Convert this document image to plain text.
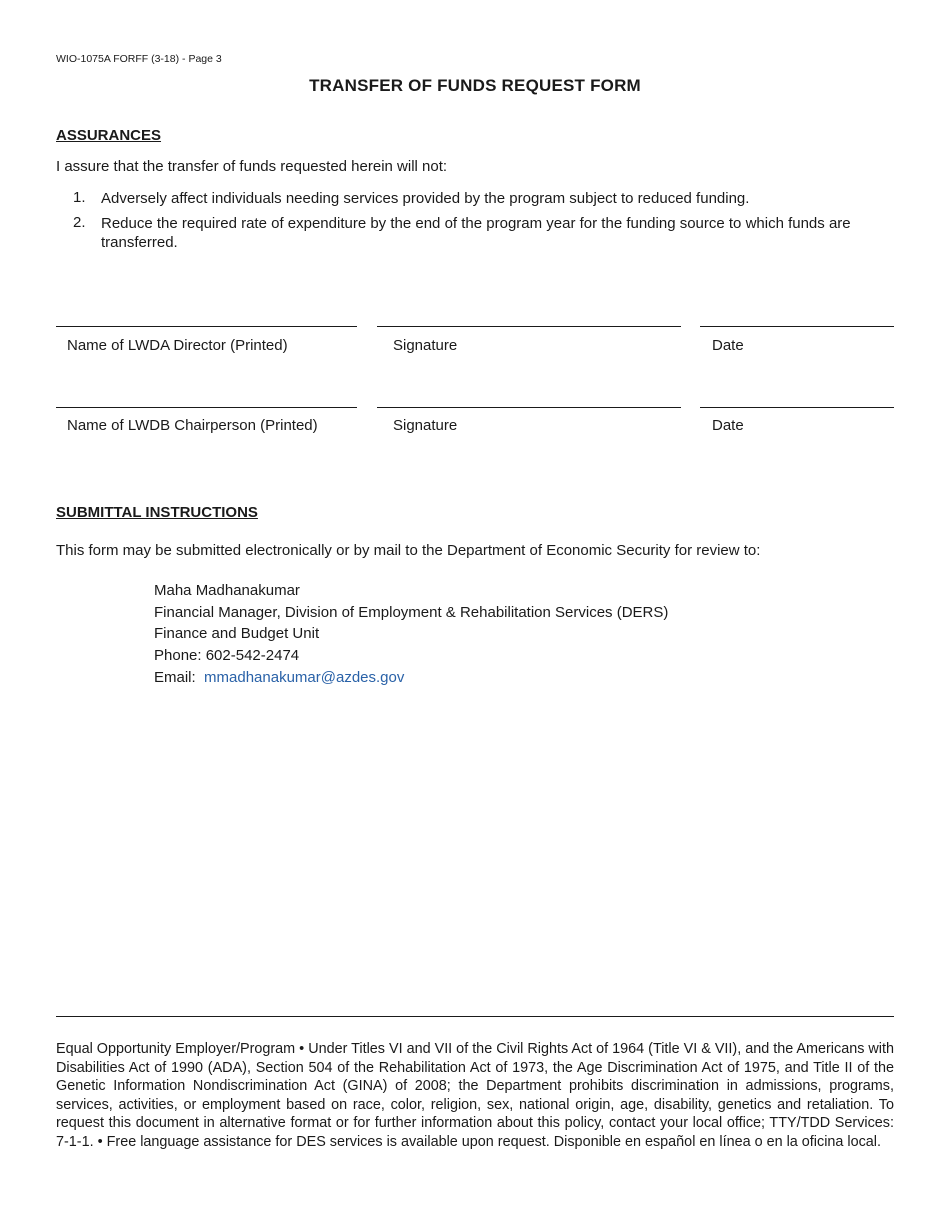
WIO-1075A FORFF (3-18) - Page 3
TRANSFER OF FUNDS REQUEST FORM
ASSURANCES
I assure that the transfer of funds requested herein will not:
1. Adversely affect individuals needing services provided by the program subject to reduced funding.
2. Reduce the required rate of expenditure by the end of the program year for the funding source to which funds are transferred.
Name of LWDA Director (Printed)	Signature	Date
Name of LWDB Chairperson (Printed)	Signature	Date
SUBMITTAL INSTRUCTIONS
This form may be submitted electronically or by mail to the Department of Economic Security for review to:
Maha Madhanakumar
Financial Manager, Division of Employment & Rehabilitation Services (DERS)
Finance and Budget Unit
Phone: 602-542-2474
Email: mmadhanakumar@azdes.gov
Equal Opportunity Employer/Program • Under Titles VI and VII of the Civil Rights Act of 1964 (Title VI & VII), and the Americans with Disabilities Act of 1990 (ADA), Section 504 of the Rehabilitation Act of 1973, the Age Discrimination Act of 1975, and Title II of the Genetic Information Nondiscrimination Act (GINA) of 2008; the Department prohibits discrimination in admissions, programs, services, activities, or employment based on race, color, religion, sex, national origin, age, disability, genetics and retaliation. To request this document in alternative format or for further information about this policy, contact your local office; TTY/TDD Services: 7-1-1. • Free language assistance for DES services is available upon request. Disponible en español en línea o en la oficina local.
